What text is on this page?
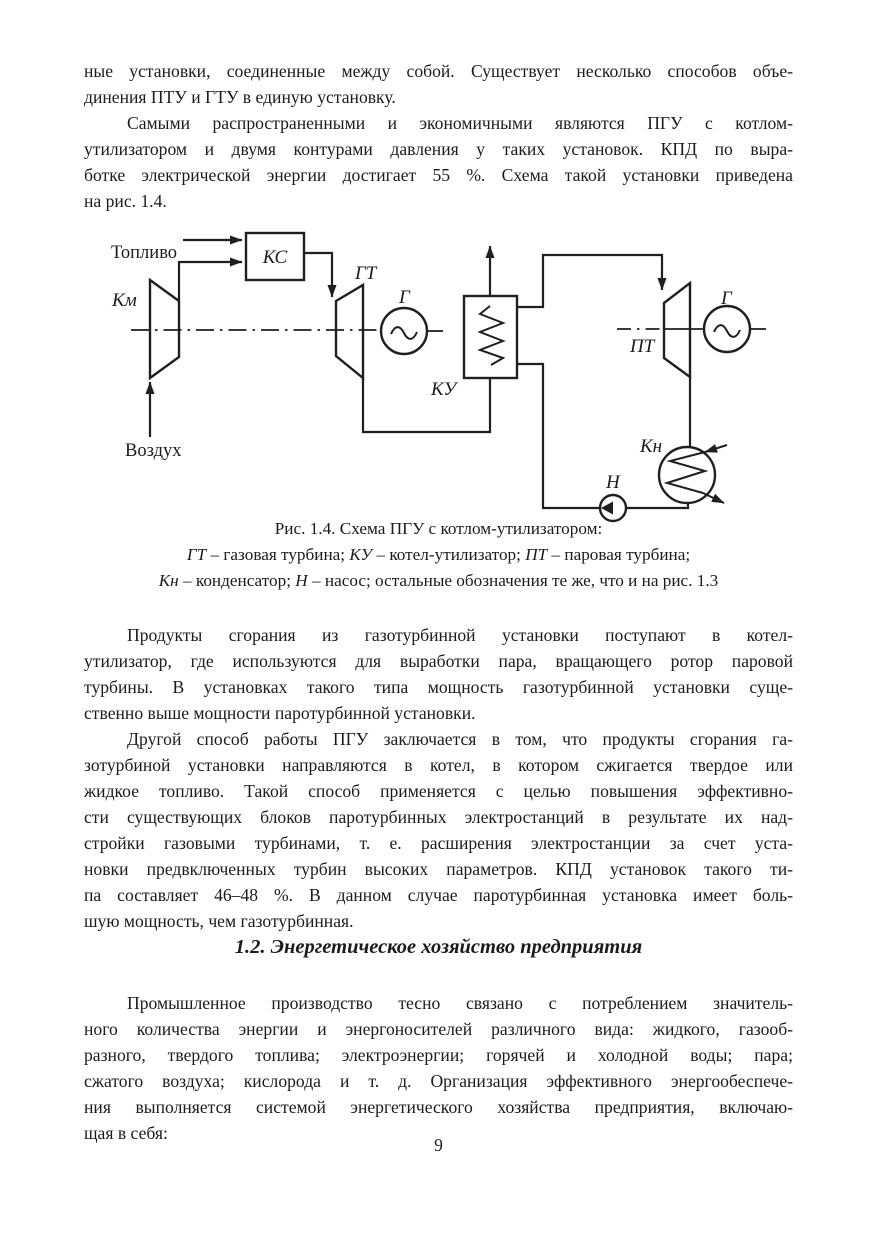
ные установки, соединенные между собой. Существует несколько способов объе-
динения ПТУ и ГТУ в единую установку.
Самыми распространенными и экономичными являются ПГУ с котлом-
утилизатором и двумя контурами давления у таких установок. КПД по выра-
ботке электрической энергии достигает 55 %. Схема такой установки приведена
на рис. 1.4.
Топливо
Воздух
Км
КС
ГТ
Г
КУ
ПТ
Г
Кн
Н
Рис. 1.4. Схема ПГУ с котлом-утилизатором:
ГТ – газовая турбина; КУ – котел-утилизатор; ПТ – паровая турбина;
Кн – конденсатор; Н – насос; остальные обозначения те же, что и на рис. 1.3
Продукты сгорания из газотурбинной установки поступают в котел-
утилизатор, где используются для выработки пара, вращающего ротор паровой
турбины. В установках такого типа мощность газотурбинной установки суще-
ственно выше мощности паротурбинной установки.
Другой способ работы ПГУ заключается в том, что продукты сгорания га-
зотурбиной установки направляются в котел, в котором сжигается твердое или
жидкое топливо. Такой способ применяется с целью повышения эффективно-
сти существующих блоков паротурбинных электростанций в результате их над-
стройки газовыми турбинами, т. е. расширения электростанции за счет уста-
новки предвключенных турбин высоких параметров. КПД установок такого ти-
па составляет 46–48 %. В данном случае паротурбинная установка имеет боль-
шую мощность, чем газотурбинная.
1.2. Энергетическое хозяйство предприятия
Промышленное производство тесно связано с потреблением значитель-
ного количества энергии и энергоносителей различного вида: жидкого, газооб-
разного, твердого топлива; электроэнергии; горячей и холодной воды; пара;
сжатого воздуха; кислорода и т. д. Организация эффективного энергообеспече-
ния выполняется системой энергетического хозяйства предприятия, включаю-
щая в себя:
9
